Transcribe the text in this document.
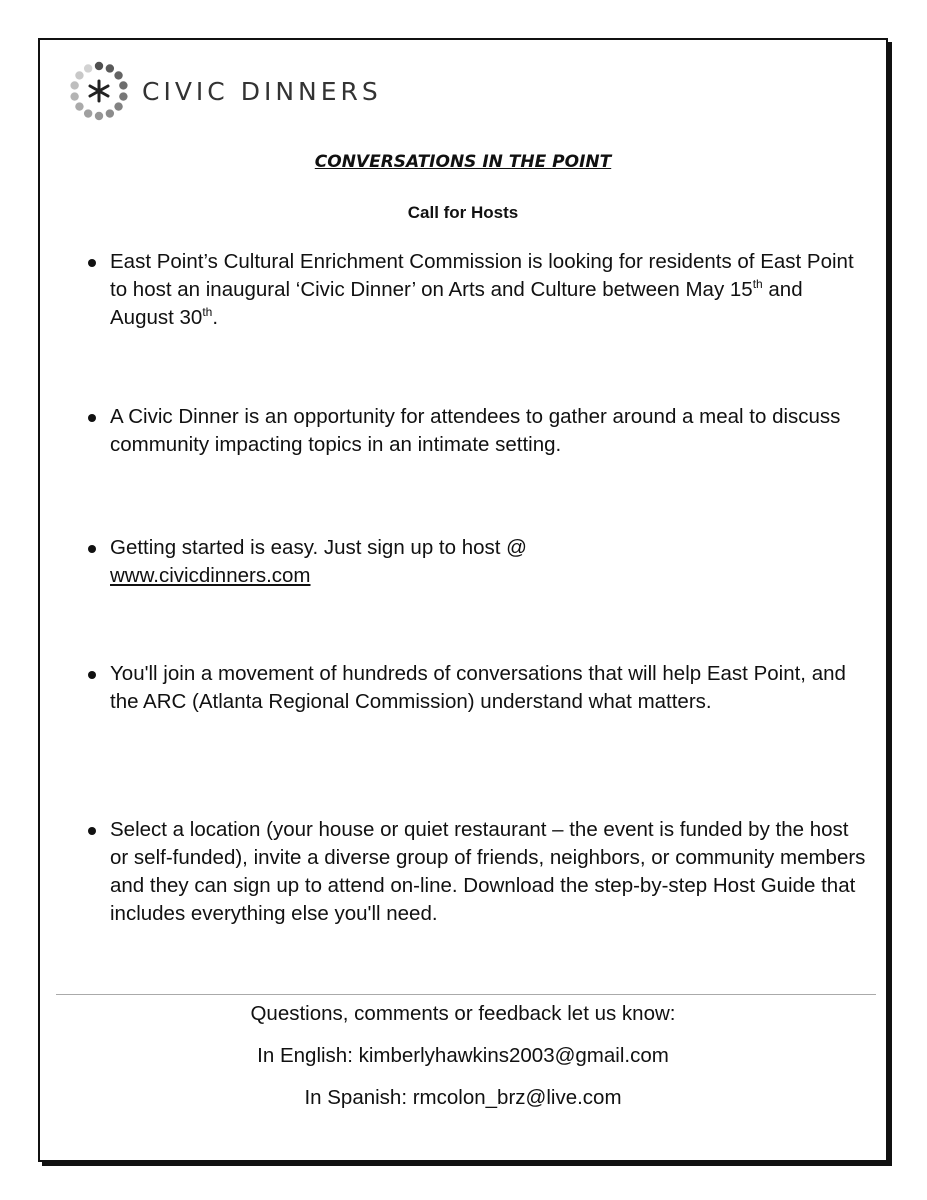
CIVIC DINNERS
CONVERSATIONS IN THE POINT
Call for Hosts
East Point’s Cultural Enrichment Commission is looking for residents of East Point to host an inaugural ‘Civic Dinner’ on Arts and Culture between May 15th and August 30th.
A Civic Dinner is an opportunity for attendees to gather around a meal to discuss community impacting topics in an intimate setting.
Getting started is easy. Just sign up to host @
www.civicdinners.com
You'll join a movement of hundreds of conversations that will help East Point, and the ARC (Atlanta Regional Commission) understand what matters.
Select a location (your house or quiet restaurant – the event is funded by the host or self-funded), invite a diverse group of friends, neighbors, or community members and they can sign up to attend on-line. Download the step-by-step Host Guide that includes everything else you'll need.
Questions, comments or feedback let us know:
In English: kimberlyhawkins2003@gmail.com
In Spanish: rmcolon_brz@live.com
